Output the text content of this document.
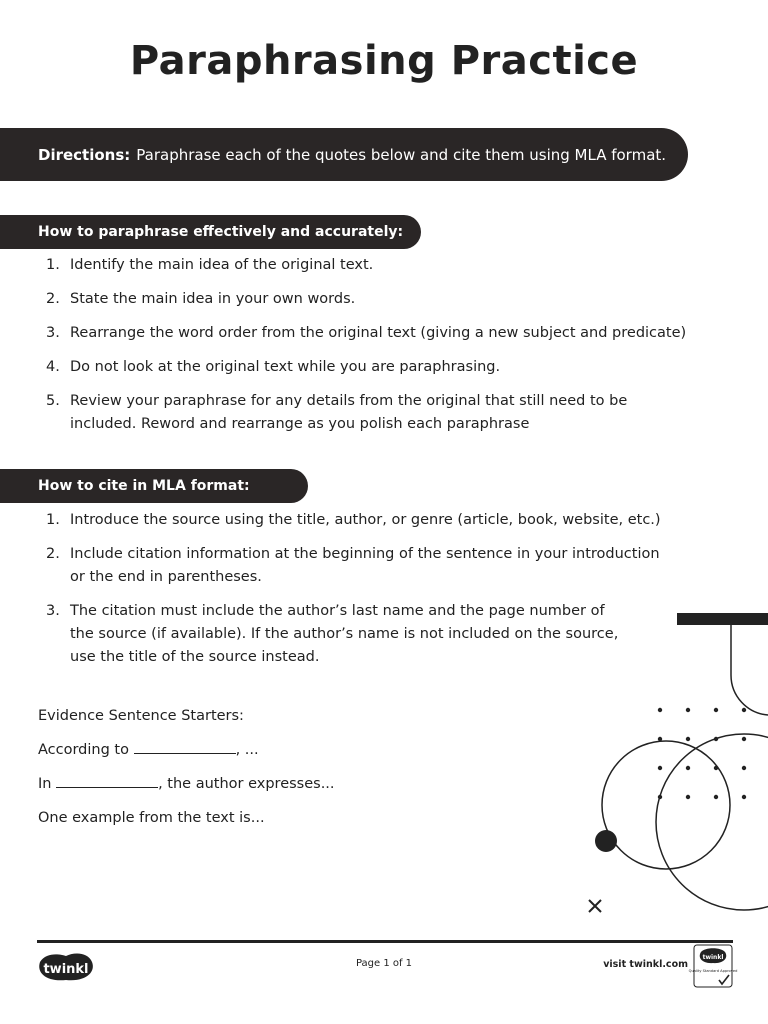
Paraphrasing Practice
Directions: Paraphrase each of the quotes below and cite them using MLA format.
How to paraphrase effectively and accurately:
1. Identify the main idea of the original text.
2. State the main idea in your own words.
3. Rearrange the word order from the original text (giving a new subject and predicate)
4. Do not look at the original text while you are paraphrasing.
5. Review your paraphrase for any details from the original that still need to be included. Reword and rearrange as you polish each paraphrase
How to cite in MLA format:
1. Introduce the source using the title, author, or genre (article, book, website, etc.)
2. Include citation information at the beginning of the sentence in your introduction or the end in parentheses.
3. The citation must include the author’s last name and the page number of the source (if available). If the author’s name is not included on the source, use the title of the source instead.
Evidence Sentence Starters:
According to	, ...
In	, the author expresses...
One example from the text is...
twinkl	Page 1 of 1	visit twinkl.com
twinkl
Quality Standard Approved
